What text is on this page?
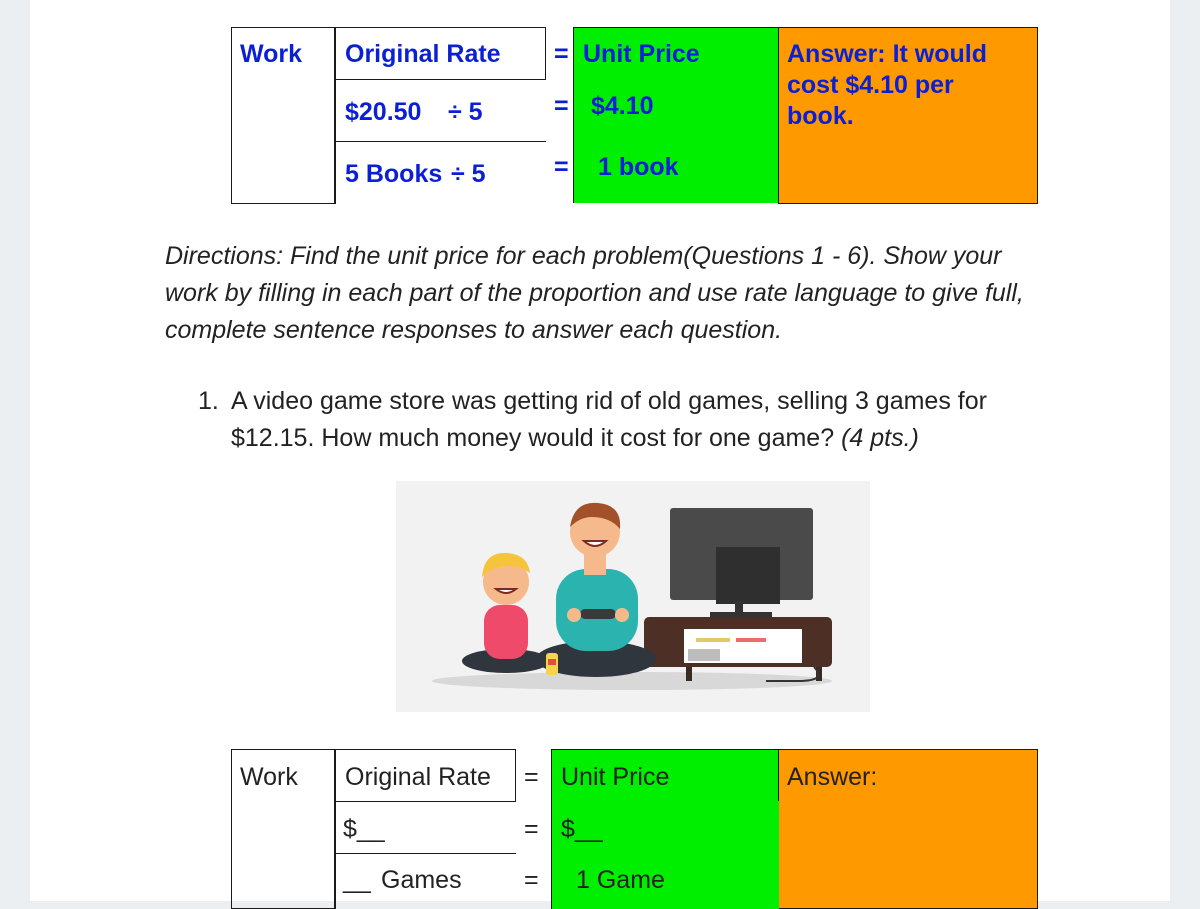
Work Original Rate = Unit Price
$20.50 ÷ 5	= $4.10
5 Books ÷ 5	= 1 book
Answer: It would cost $4.10 per book.
Directions: Find the unit price for each problem(Questions 1 - 6). Show your work by filling in each part of the proportion and use rate language to give full, complete sentence responses to answer each question.
1. A video game store was getting rid of old games, selling 3 games for $12.15. How much money would it cost for one game? (4 pts.)
Work Original Rate = Unit Price	Answer:
$__	= $__
__ Games = 1 Game
